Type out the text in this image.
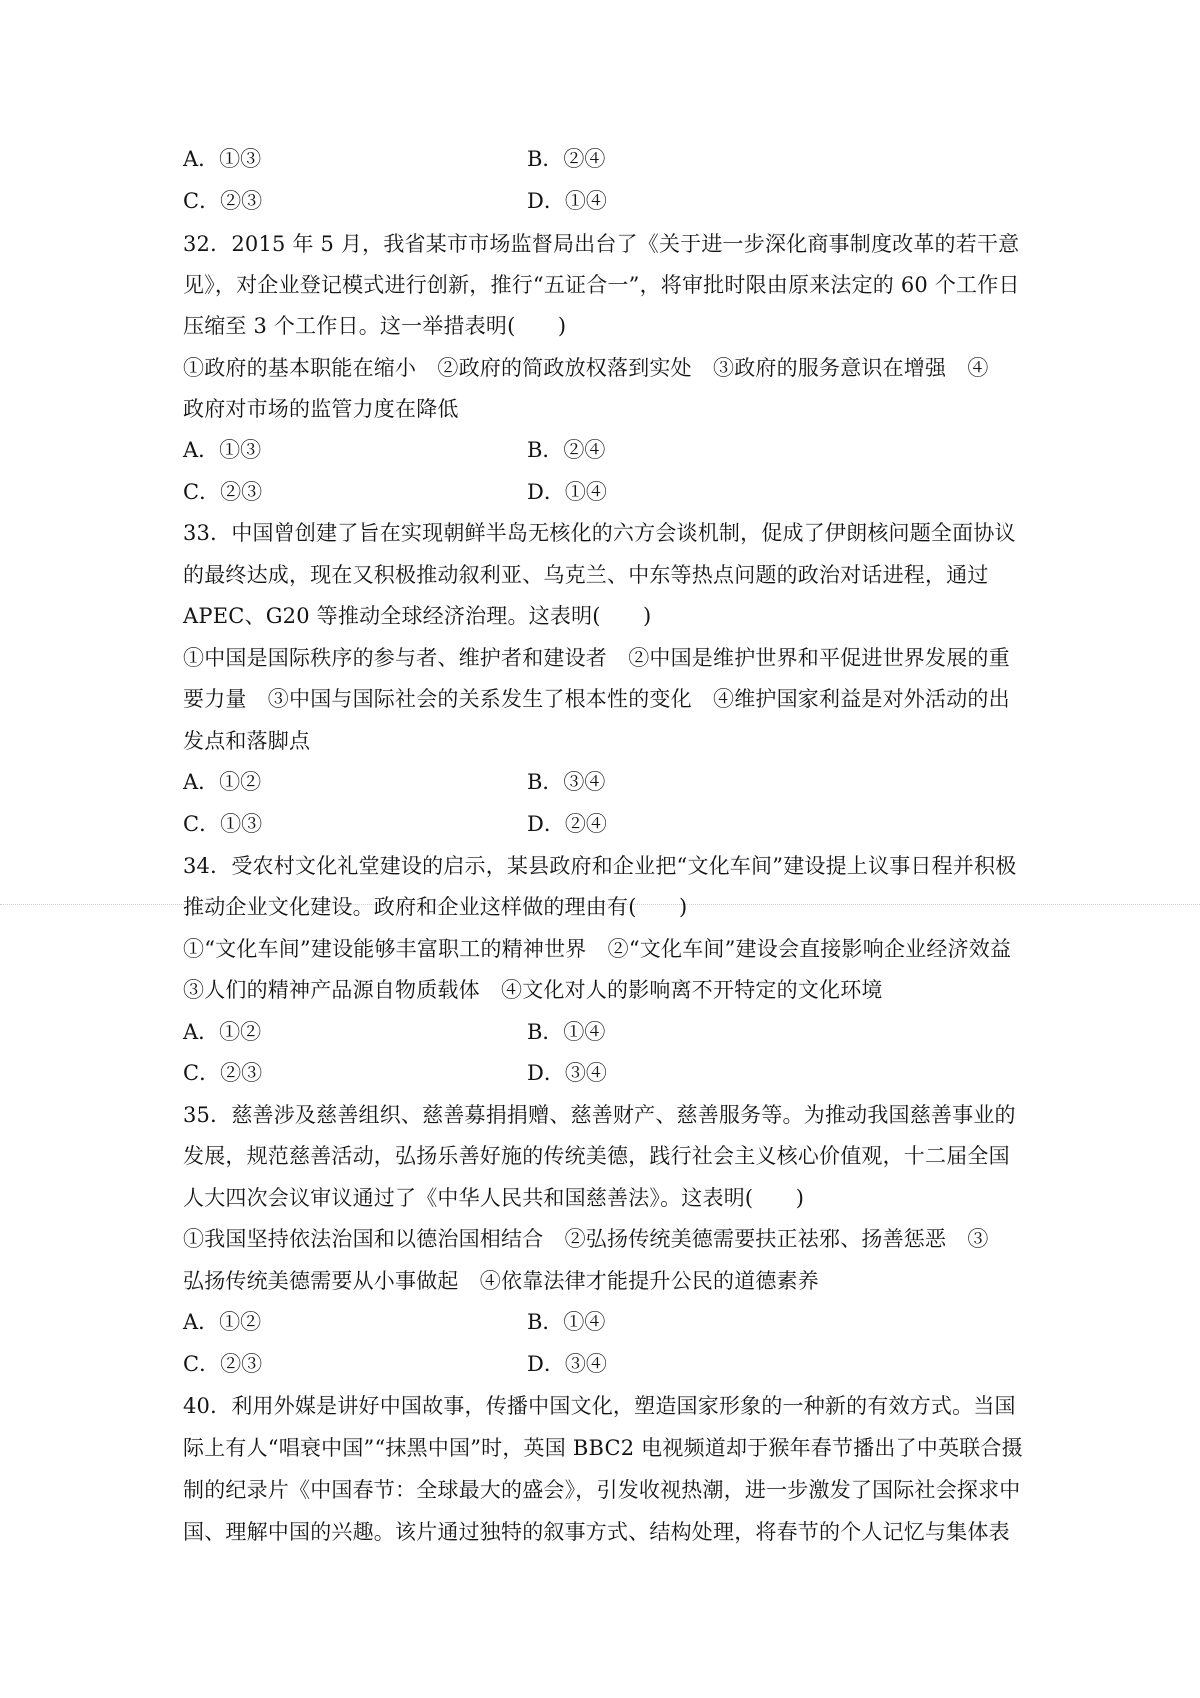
A．①③	B．②④
C．②③	D．①④
32．2015 年 5 月，我省某市市场监督局出台了《关于进一步深化商事制度改革的若干意
见》，对企业登记模式进行创新，推行“五证合一”，将审批时限由原来法定的 60 个工作日
压缩至 3 个工作日。这一举措表明(　　)
①政府的基本职能在缩小　②政府的简政放权落到实处　③政府的服务意识在增强　④
政府对市场的监管力度在降低
A．①③	B．②④
C．②③	D．①④
33．中国曾创建了旨在实现朝鲜半岛无核化的六方会谈机制，促成了伊朗核问题全面协议
的最终达成，现在又积极推动叙利亚、乌克兰、中东等热点问题的政治对话进程，通过
APEC、G20 等推动全球经济治理。这表明(　　)
①中国是国际秩序的参与者、维护者和建设者　②中国是维护世界和平促进世界发展的重
要力量　③中国与国际社会的关系发生了根本性的变化　④维护国家利益是对外活动的出
发点和落脚点
A．①②	B．③④
C．①③	D．②④
34．受农村文化礼堂建设的启示，某县政府和企业把“文化车间”建设提上议事日程并积极
推动企业文化建设。政府和企业这样做的理由有(　　)
①“文化车间”建设能够丰富职工的精神世界　②“文化车间”建设会直接影响企业经济效益
③人们的精神产品源自物质载体　④文化对人的影响离不开特定的文化环境
A．①②	B．①④
C．②③	D．③④
35．慈善涉及慈善组织、慈善募捐捐赠、慈善财产、慈善服务等。为推动我国慈善事业的
发展，规范慈善活动，弘扬乐善好施的传统美德，践行社会主义核心价值观，十二届全国
人大四次会议审议通过了《中华人民共和国慈善法》。这表明(　　)
①我国坚持依法治国和以德治国相结合　②弘扬传统美德需要扶正祛邪、扬善惩恶　③
弘扬传统美德需要从小事做起　④依靠法律才能提升公民的道德素养
A．①②	B．①④
C．②③	D．③④
40．利用外媒是讲好中国故事，传播中国文化，塑造国家形象的一种新的有效方式。当国
际上有人“唱衰中国”“抹黑中国”时，英国 BBC2 电视频道却于猴年春节播出了中英联合摄
制的纪录片《中国春节：全球最大的盛会》，引发收视热潮，进一步激发了国际社会探求中
国、理解中国的兴趣。该片通过独特的叙事方式、结构处理，将春节的个人记忆与集体表
